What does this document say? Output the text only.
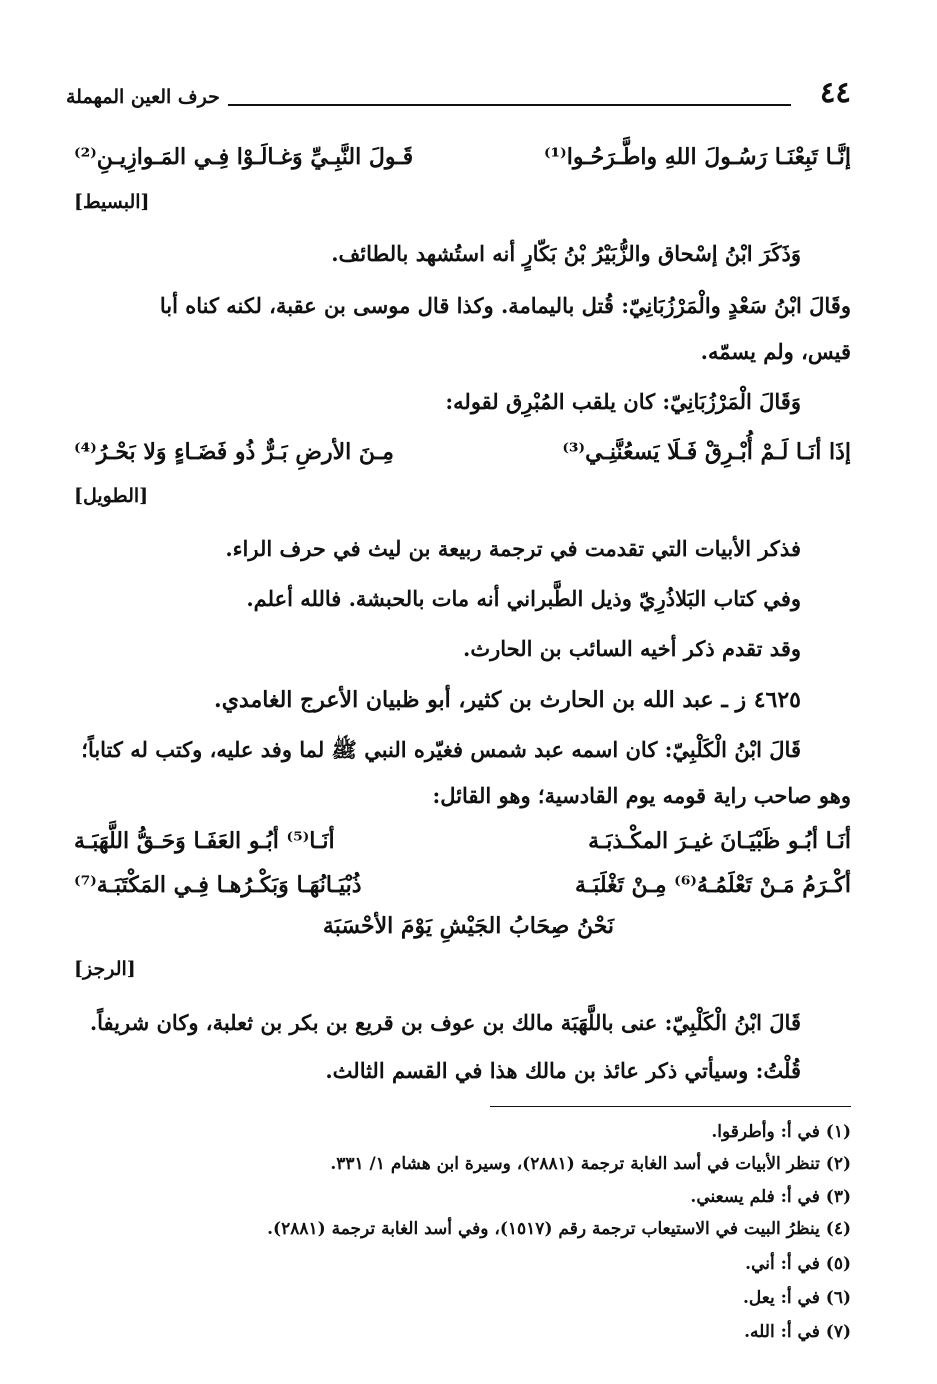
٤٤
حرف العين المهملة
إنَّـا تَبِعْنَـا رَسُـولَ اللهِ واطَّـرَحُـوا⁽¹⁾
قَـولَ النَّبِـيِّ وَغـالَـوْا فِـي المَـوازِيـنِ⁽²⁾
[البسيط]
وَذَكَرَ ابْنُ إسْحاق والزُّبَيْرُ بْنُ بَكّارٍ أنه استُشهد بالطائف.
وقَالَ ابْنُ سَعْدٍ والْمَرْزُبَانِيّ: قُتل باليمامة. وكذا قال موسى بن عقبة، لكنه كناه أبا
قيس، ولم يسمّه.
وَقَالَ الْمَرْزُبَانِيّ: كان يلقب المُبْرِق لقوله:
إذَا أنَـا لَـمْ أُبْـرِقْ فَـلَا يَسعُنَّنِـي⁽³⁾
مِـنَ الأرضِ بَـرٌّ ذُو فَضَـاءٍ وَلا بَحْـرُ⁽⁴⁾
[الطويل]
فذكر الأبيات التي تقدمت في ترجمة ربيعة بن ليث في حرف الراء.
وفي كتاب البَلاذُرِيّ وذيل الطَّبراني أنه مات بالحبشة. فالله أعلم.
وقد تقدم ذكر أخيه السائب بن الحارث.
٤٦٢٥ ز ـ عبد الله بن الحارث بن كثير، أبو ظبيان الأعرج الغامدي.
قَالَ ابْنُ الْكَلْبِيّ: كان اسمه عبد شمس فغيّره النبي ﷺ لما وفد عليه، وكتب له كتاباً؛
وهو صاحب راية قومه يوم القادسية؛ وهو القائل:
أنَـا أبُـو ظَبْيَـانَ غيـرَ المكْـذبَـة
أنَـا⁽⁵⁾ أبُـو العَفَـا وَحَـقُّ اللَّهَبَـة
أكْـرَمُ مَـنْ تَعْلَمُـهُ⁽⁶⁾ مِـنْ تَغْلَبَـة
ذُبْيَـانُهَـا وَبَكْـرُهـا فِـي المَكْتَبَـة⁽⁷⁾
نَحْنُ صِحَابُ الجَيْشِ يَوْمَ الأحْسَبَة
[الرجز]
قَالَ ابْنُ الْكَلْبِيّ: عنى باللَّهَبَة مالك بن عوف بن قريع بن بكر بن ثعلبة، وكان شريفاً.
قُلْتُ: وسيأتي ذكر عائذ بن مالك هذا في القسم الثالث.
(١) في أ: وأطرقوا.
(٢) تنظر الأبيات في أسد الغابة ترجمة (٢٨٨١)، وسيرة ابن هشام ١/ ٣٣١.
(٣) في أ: فلم يسعني.
(٤) ينظرُ البيت في الاستيعاب ترجمة رقم (١٥١٧)، وفي أسد الغابة ترجمة (٢٨٨١).
(٥) في أ: أني.
(٦) في أ: يعل.
(٧) في أ: الله.
